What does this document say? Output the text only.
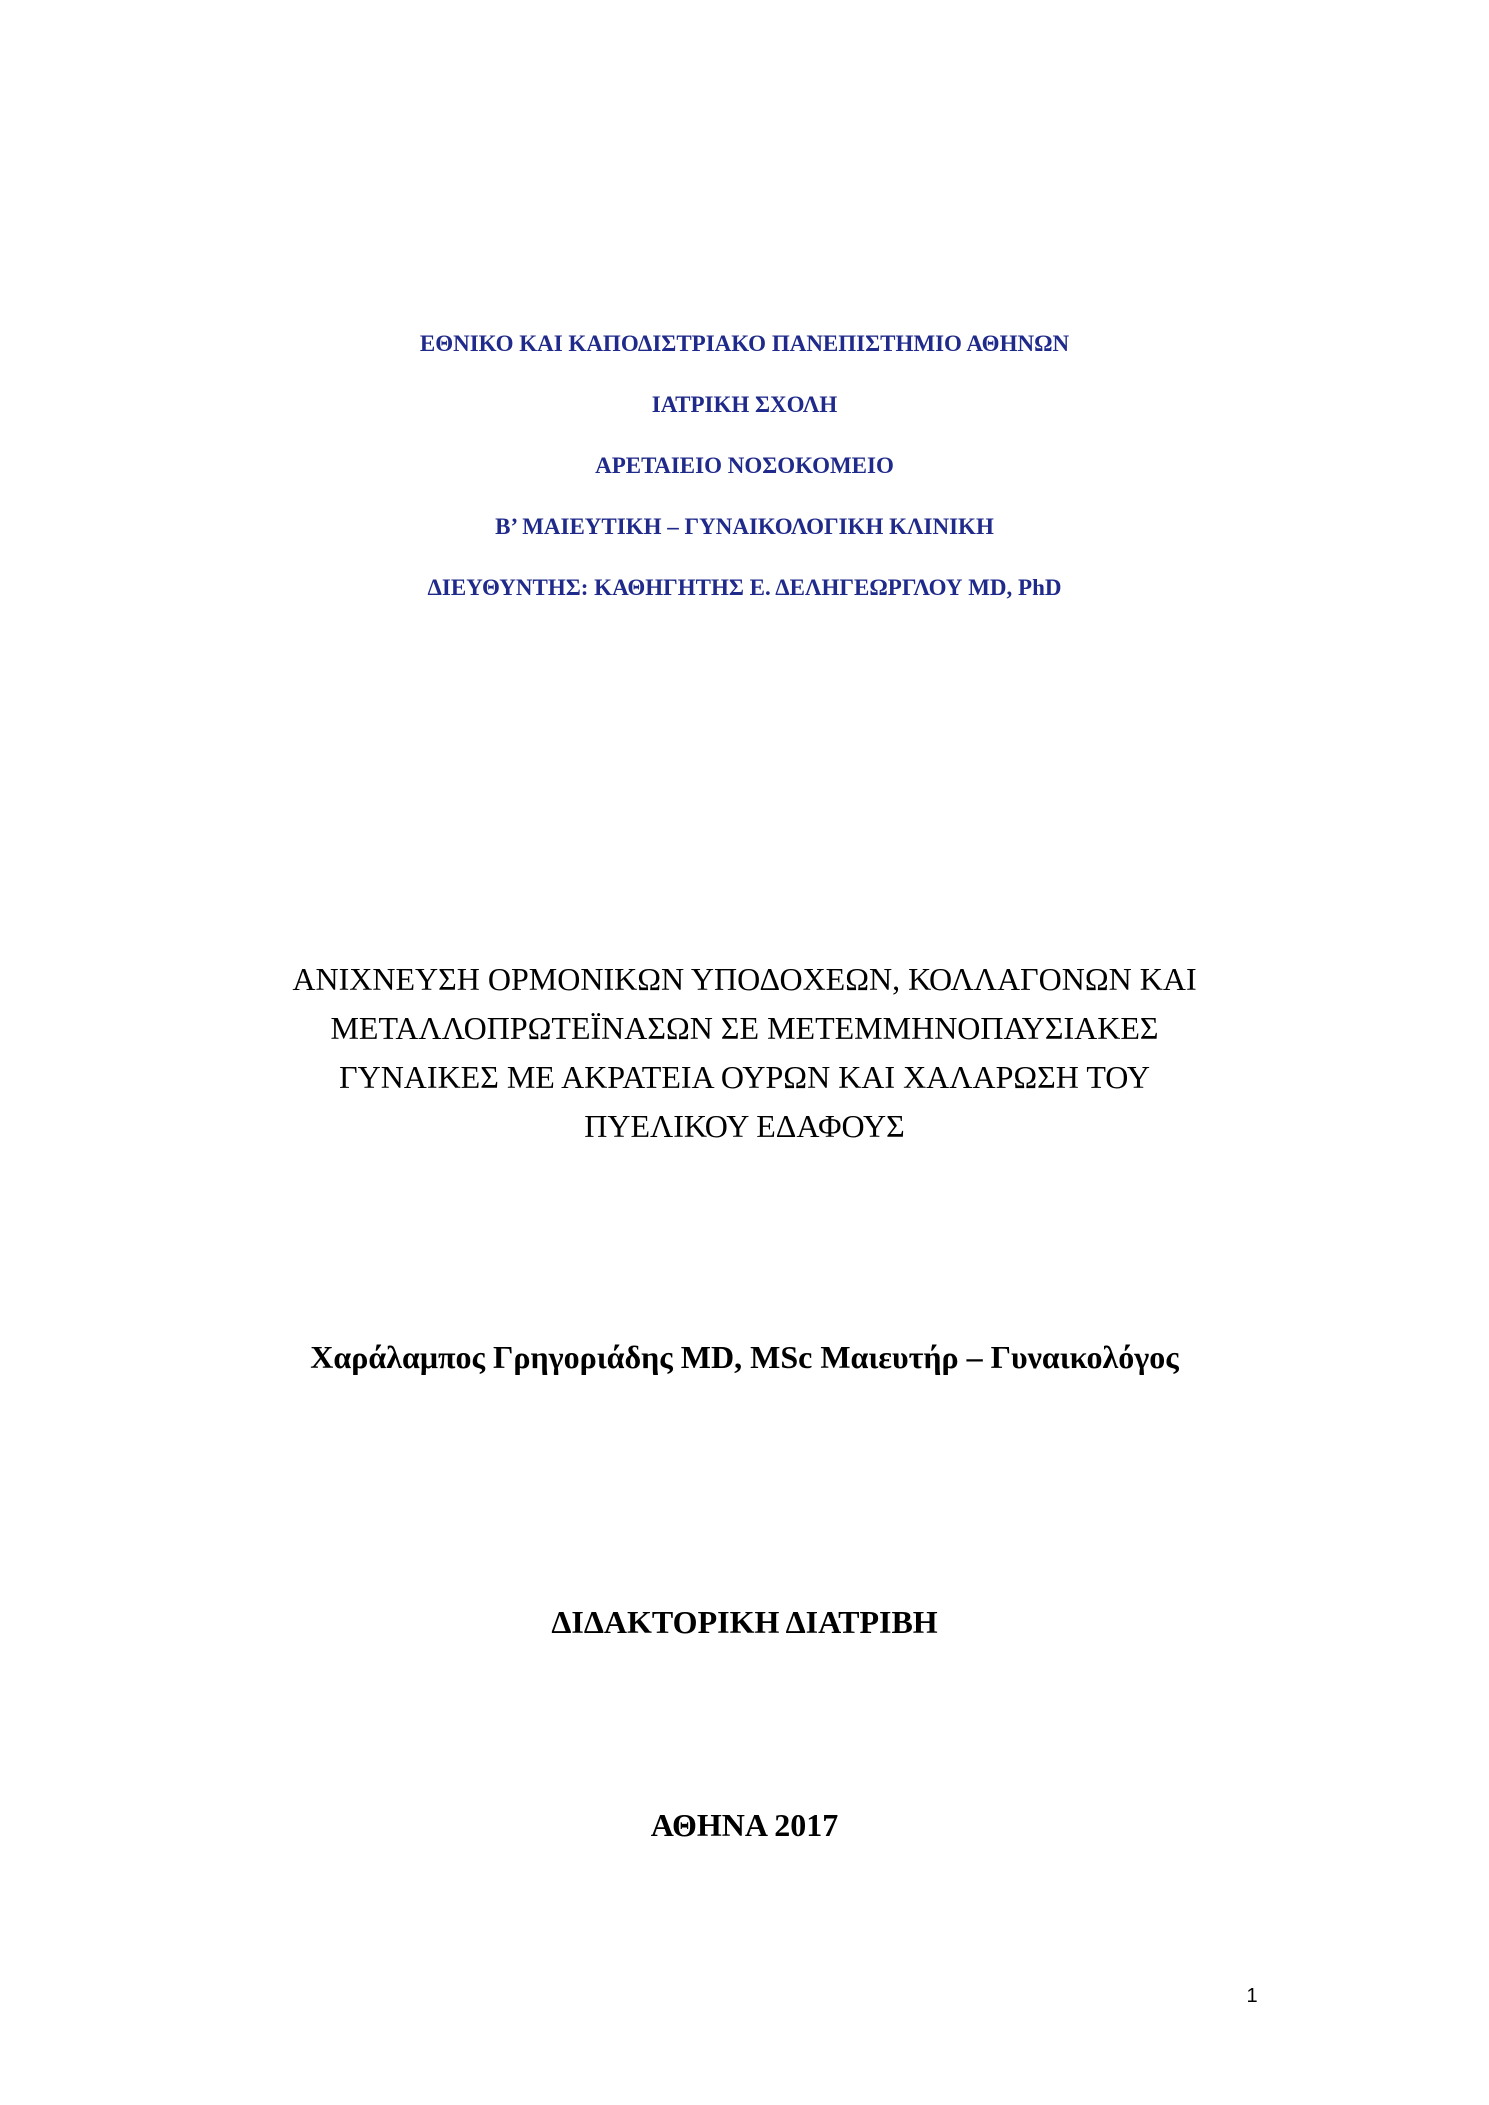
ΕΘΝΙΚΟ ΚΑΙ ΚΑΠΟΔΙΣΤΡΙΑΚΟ ΠΑΝΕΠΙΣΤΗΜΙΟ ΑΘΗΝΩΝ
ΙΑΤΡΙΚΗ ΣΧΟΛΗ
ΑΡΕΤΑΙΕΙΟ ΝΟΣΟΚΟΜΕΙΟ
Β’ ΜΑΙΕΥΤΙΚΗ – ΓΥΝΑΙΚΟΛΟΓΙΚΗ ΚΛΙΝΙΚΗ
ΔΙΕΥΘΥΝΤΗΣ: ΚΑΘΗΓΗΤΗΣ Ε. ΔΕΛΗΓΕΩΡΓΛΟΥ MD, PhD
ΑΝΙΧΝΕΥΣΗ ΟΡΜΟΝΙΚΩΝ ΥΠΟΔΟΧΕΩΝ, ΚΟΛΛΑΓΟΝΩΝ ΚΑΙ
ΜΕΤΑΛΛΟΠΡΩΤΕΪΝΑΣΩΝ ΣΕ ΜΕΤΕΜΜΗΝΟΠΑΥΣΙΑΚΕΣ
ΓΥΝΑΙΚΕΣ ΜΕ ΑΚΡΑΤΕΙΑ ΟΥΡΩΝ ΚΑΙ ΧΑΛΑΡΩΣΗ ΤΟΥ
ΠΥΕΛΙΚΟΥ ΕΔΑΦΟΥΣ
Χαράλαμπος Γρηγοριάδης MD, MSc Μαιευτήρ – Γυναικολόγος
ΔΙΔΑΚΤΟΡΙΚΗ ΔΙΑΤΡΙΒΗ
ΑΘΗΝΑ 2017
1
